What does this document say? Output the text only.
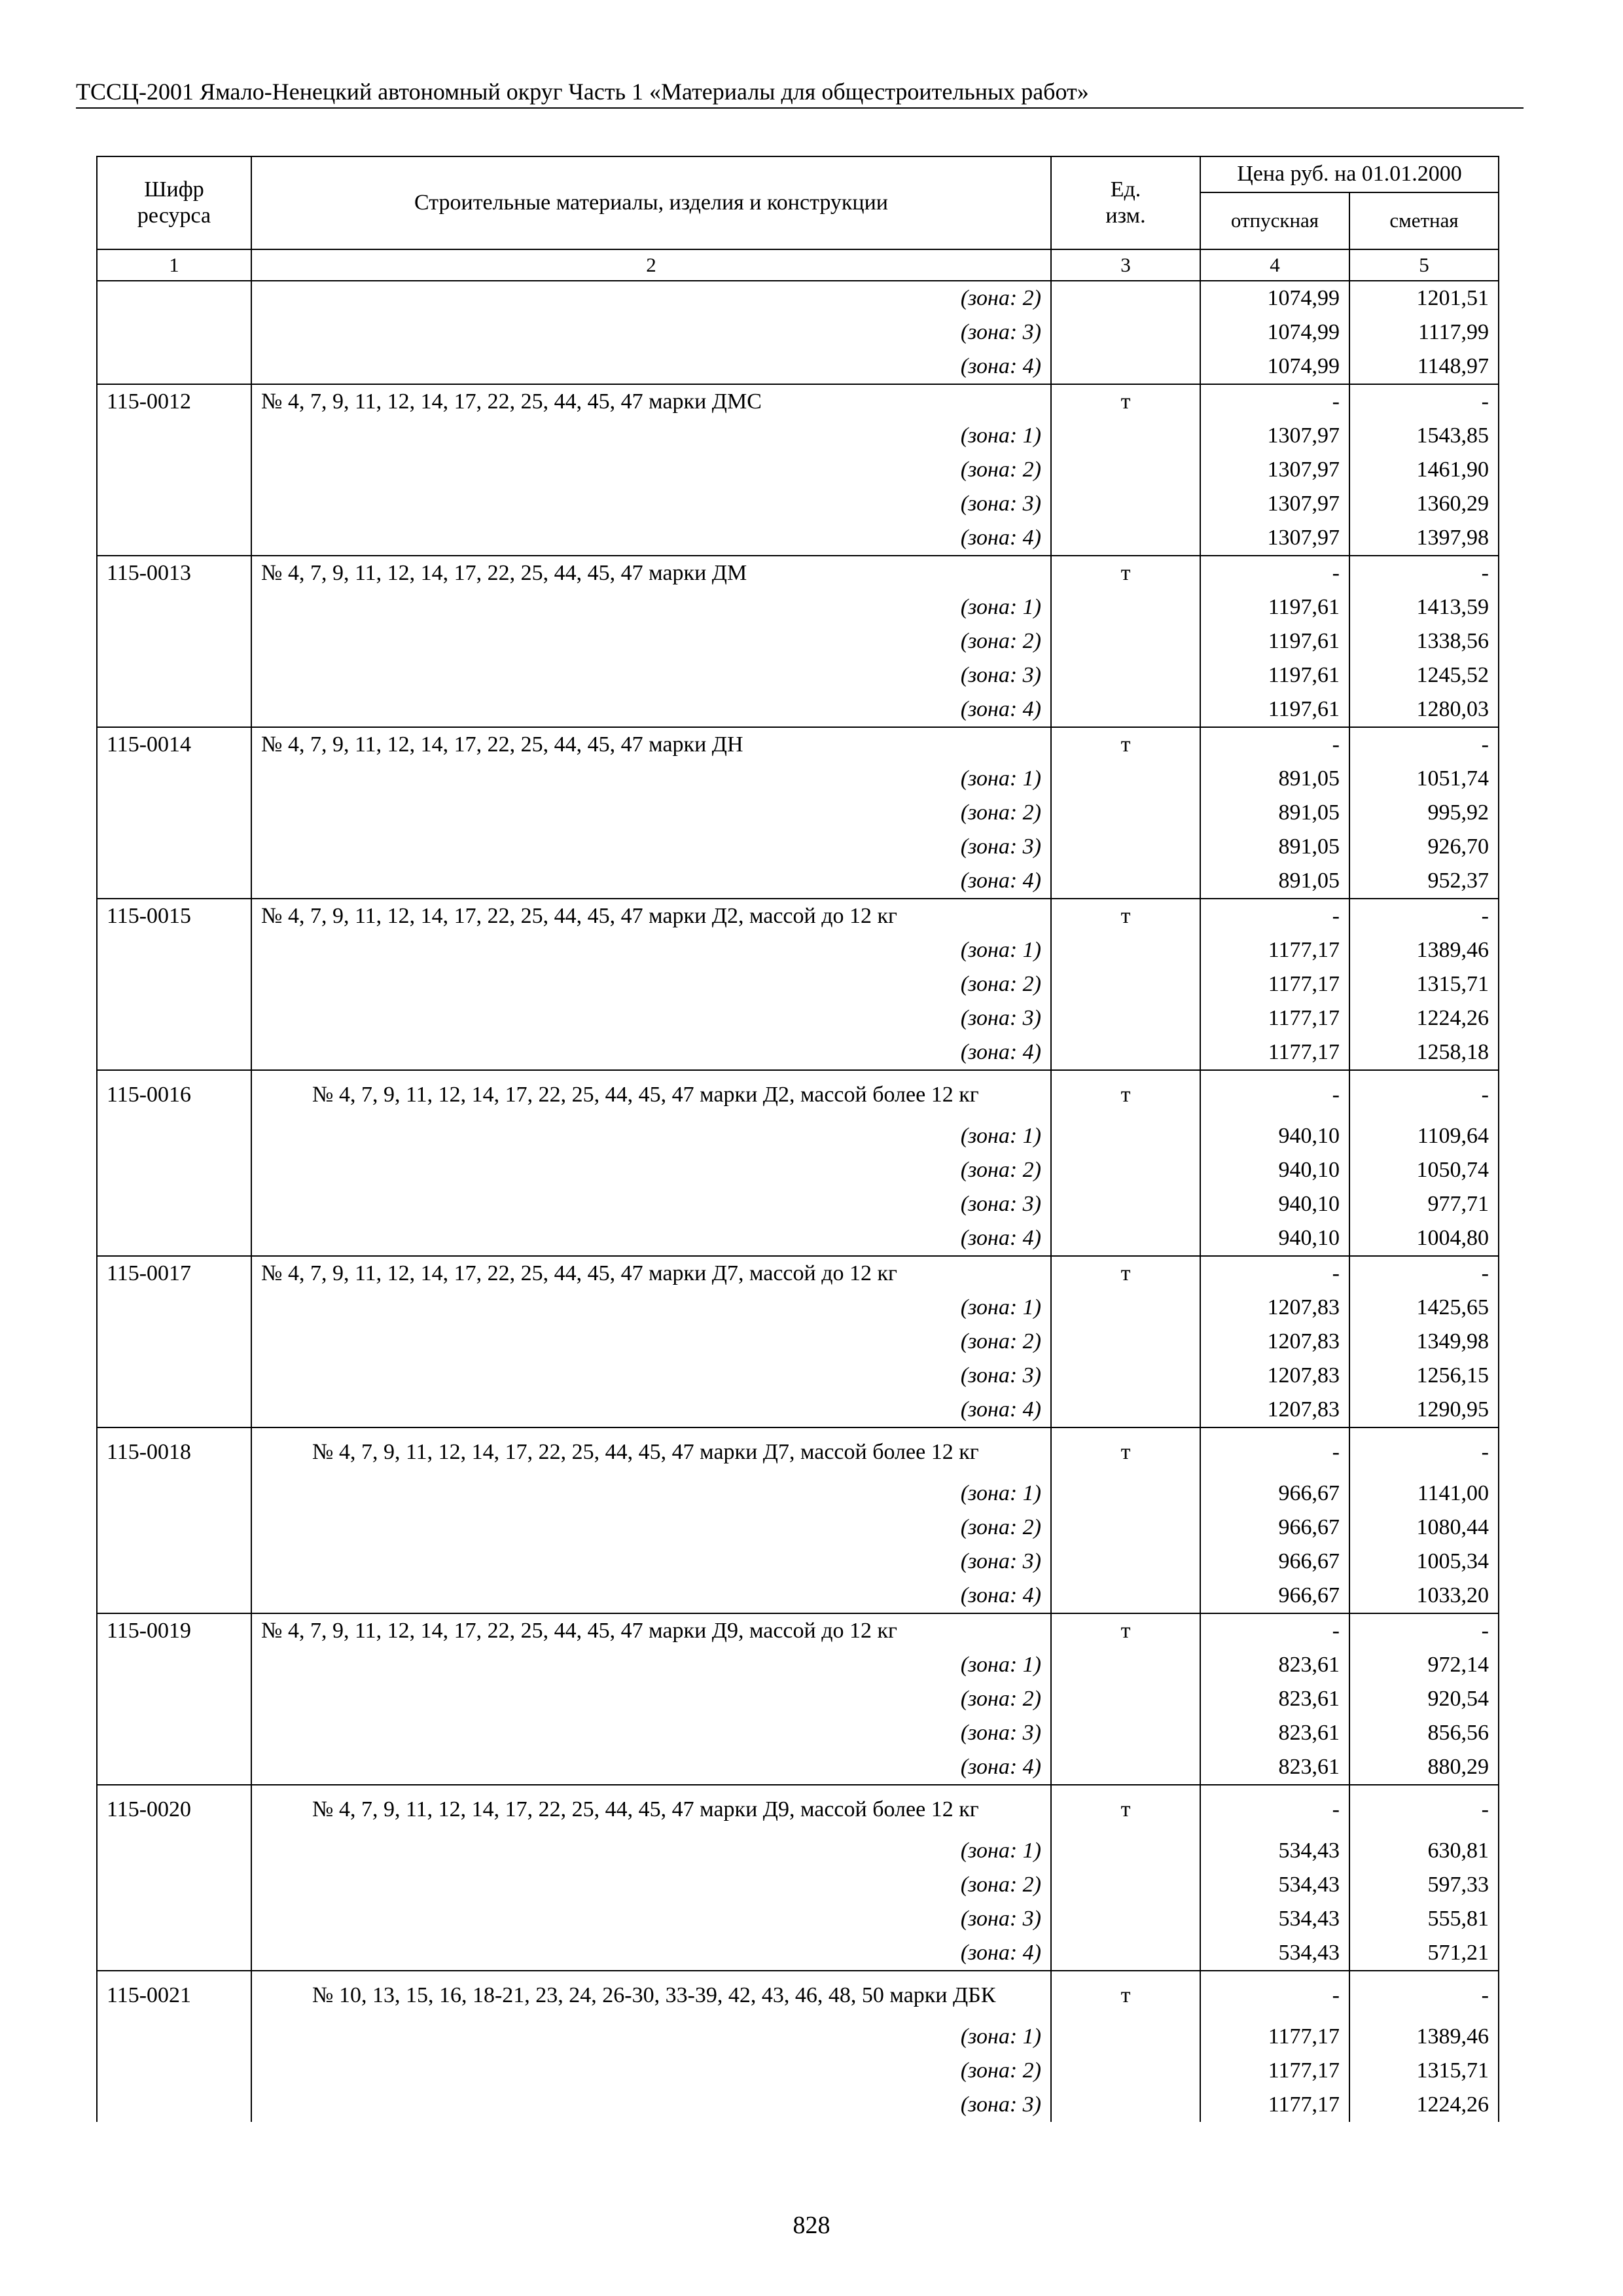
ТССЦ-2001 Ямало-Ненецкий автономный округ Часть 1 «Материалы для общестроительных работ»
Шифр ресурса	Строительные материалы, изделия и конструкции	Ед. изм.	Цена руб. на 01.01.2000	
			отпускная	сметная
1	2	3	4	5
	(зона: 2)		1074,99	1201,51
	(зона: 3)		1074,99	1117,99
	(зона: 4)		1074,99	1148,97
115-0012	№ 4, 7, 9, 11, 12, 14, 17, 22, 25, 44, 45, 47 марки ДМС	т	-	-
	(зона: 1)		1307,97	1543,85
	(зона: 2)		1307,97	1461,90
	(зона: 3)		1307,97	1360,29
	(зона: 4)		1307,97	1397,98
115-0013	№ 4, 7, 9, 11, 12, 14, 17, 22, 25, 44, 45, 47 марки ДМ	т	-	-
	(зона: 1)		1197,61	1413,59
	(зона: 2)		1197,61	1338,56
	(зона: 3)		1197,61	1245,52
	(зона: 4)		1197,61	1280,03
115-0014	№ 4, 7, 9, 11, 12, 14, 17, 22, 25, 44, 45, 47 марки ДН	т	-	-
	(зона: 1)		891,05	1051,74
	(зона: 2)		891,05	995,92
	(зона: 3)		891,05	926,70
	(зона: 4)		891,05	952,37
115-0015	№ 4, 7, 9, 11, 12, 14, 17, 22, 25, 44, 45, 47 марки Д2, массой до 12 кг	т	-	-
	(зона: 1)		1177,17	1389,46
	(зона: 2)		1177,17	1315,71
	(зона: 3)		1177,17	1224,26
	(зона: 4)		1177,17	1258,18
115-0016	№ 4, 7, 9, 11, 12, 14, 17, 22, 25, 44, 45, 47 марки Д2, массой более 12 кг	т	-	-
	(зона: 1)		940,10	1109,64
	(зона: 2)		940,10	1050,74
	(зона: 3)		940,10	977,71
	(зона: 4)		940,10	1004,80
115-0017	№ 4, 7, 9, 11, 12, 14, 17, 22, 25, 44, 45, 47 марки Д7, массой до 12 кг	т	-	-
	(зона: 1)		1207,83	1425,65
	(зона: 2)		1207,83	1349,98
	(зона: 3)		1207,83	1256,15
	(зона: 4)		1207,83	1290,95
115-0018	№ 4, 7, 9, 11, 12, 14, 17, 22, 25, 44, 45, 47 марки Д7, массой более 12 кг	т	-	-
	(зона: 1)		966,67	1141,00
	(зона: 2)		966,67	1080,44
	(зона: 3)		966,67	1005,34
	(зона: 4)		966,67	1033,20
115-0019	№ 4, 7, 9, 11, 12, 14, 17, 22, 25, 44, 45, 47 марки Д9, массой до 12 кг	т	-	-
	(зона: 1)		823,61	972,14
	(зона: 2)		823,61	920,54
	(зона: 3)		823,61	856,56
	(зона: 4)		823,61	880,29
115-0020	№ 4, 7, 9, 11, 12, 14, 17, 22, 25, 44, 45, 47 марки Д9, массой более 12 кг	т	-	-
	(зона: 1)		534,43	630,81
	(зона: 2)		534,43	597,33
	(зона: 3)		534,43	555,81
	(зона: 4)		534,43	571,21
115-0021	№ 10, 13, 15, 16, 18-21, 23, 24, 26-30, 33-39, 42, 43, 46, 48, 50 марки ДБК	т	-	-
	(зона: 1)		1177,17	1389,46
	(зона: 2)		1177,17	1315,71
	(зона: 3)		1177,17	1224,26
828
